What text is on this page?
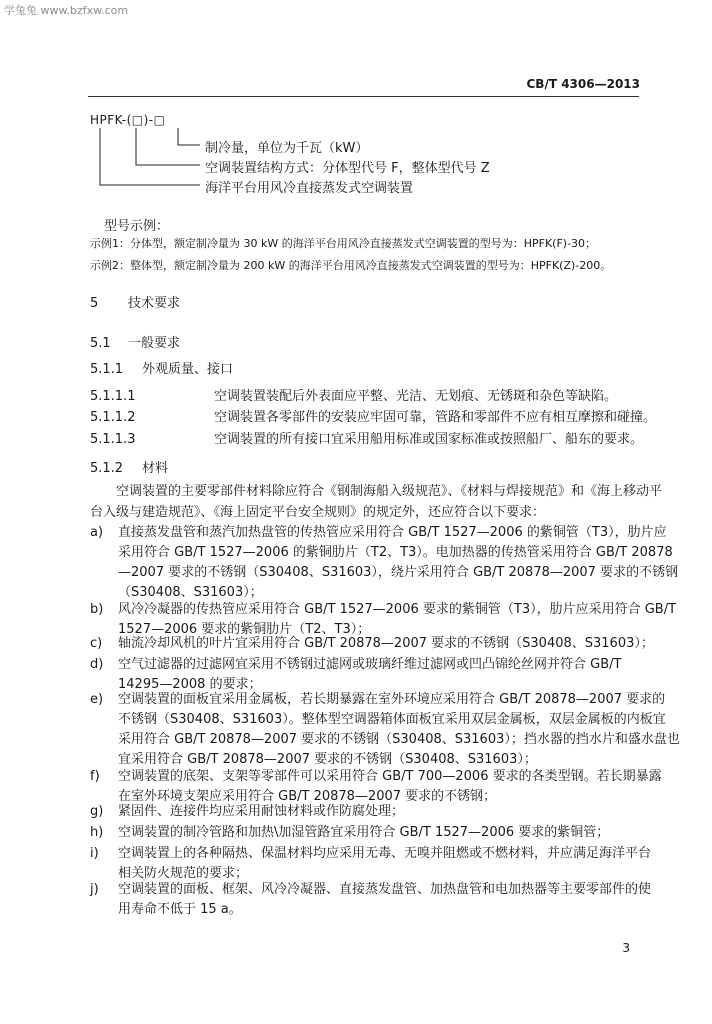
学兔兔 www.bzfxw.com
CB/T 4306—2013
HPFK-(□)-□
制冷量，单位为千瓦（kW）
空调装置结构方式：分体型代号 F，整体型代号 Z
海洋平台用风冷直接蒸发式空调装置
型号示例：
示例1：分体型，额定制冷量为 30 kW 的海洋平台用风冷直接蒸发式空调装置的型号为：HPFK(F)-30；
示例2：整体型，额定制冷量为 200 kW 的海洋平台用风冷直接蒸发式空调装置的型号为：HPFK(Z)-200。
5 技术要求
5.1 一般要求
5.1.1 外观质量、接口
5.1.1.1	空调装置装配后外表面应平整、光洁、无划痕、无锈斑和杂色等缺陷。
5.1.1.2	空调装置各零部件的安装应牢固可靠，管路和零部件不应有相互摩擦和碰撞。
5.1.1.3	空调装置的所有接口宜采用船用标准或国家标准或按照船厂、船东的要求。
5.1.2 材料
空调装置的主要零部件材料除应符合《钢制海船入级规范》、《材料与焊接规范》和《海上移动平
台入级与建造规范》、《海上固定平台安全规则》的规定外，还应符合以下要求：
a) 直接蒸发盘管和蒸汽加热盘管的传热管应采用符合 GB/T 1527—2006 的紫铜管（T3），肋片应
采用符合 GB/T 1527—2006 的紫铜肋片（T2、T3）。电加热器的传热管采用符合 GB/T 20878
—2007 要求的不锈钢（S30408、S31603），绕片采用符合 GB/T 20878—2007 要求的不锈钢
（S30408、S31603）；
b) 风冷冷凝器的传热管应采用符合 GB/T 1527—2006 要求的紫铜管（T3），肋片应采用符合 GB/T
1527—2006 要求的紫铜肋片（T2、T3）；
c) 轴流冷却风机的叶片宜采用符合 GB/T 20878—2007 要求的不锈钢（S30408、S31603）；
d) 空气过滤器的过滤网宜采用不锈钢过滤网或玻璃纤维过滤网或凹凸锦纶丝网并符合 GB/T
14295—2008 的要求；
e) 空调装置的面板宜采用金属板，若长期暴露在室外环境应采用符合 GB/T 20878—2007 要求的
不锈钢（S30408、S31603）。整体型空调器箱体面板宜采用双层金属板，双层金属板的内板宜
采用符合 GB/T 20878—2007 要求的不锈钢（S30408、S31603）；挡水器的挡水片和盛水盘也
宜采用符合 GB/T 20878—2007 要求的不锈钢（S30408、S31603）；
f) 空调装置的底架、支架等零部件可以采用符合 GB/T 700—2006 要求的各类型钢。若长期暴露
在室外环境支架应采用符合 GB/T 20878—2007 要求的不锈钢；
g) 紧固件、连接件均应采用耐蚀材料或作防腐处理；
h) 空调装置的制冷管路和加热\加湿管路宜采用符合 GB/T 1527—2006 要求的紫铜管；
i) 空调装置上的各种隔热、保温材料均应采用无毒、无嗅并阻燃或不燃材料，并应满足海洋平台
相关防火规范的要求；
j) 空调装置的面板、框架、风冷冷凝器、直接蒸发盘管、加热盘管和电加热器等主要零部件的使
用寿命不低于 15 a。
3
